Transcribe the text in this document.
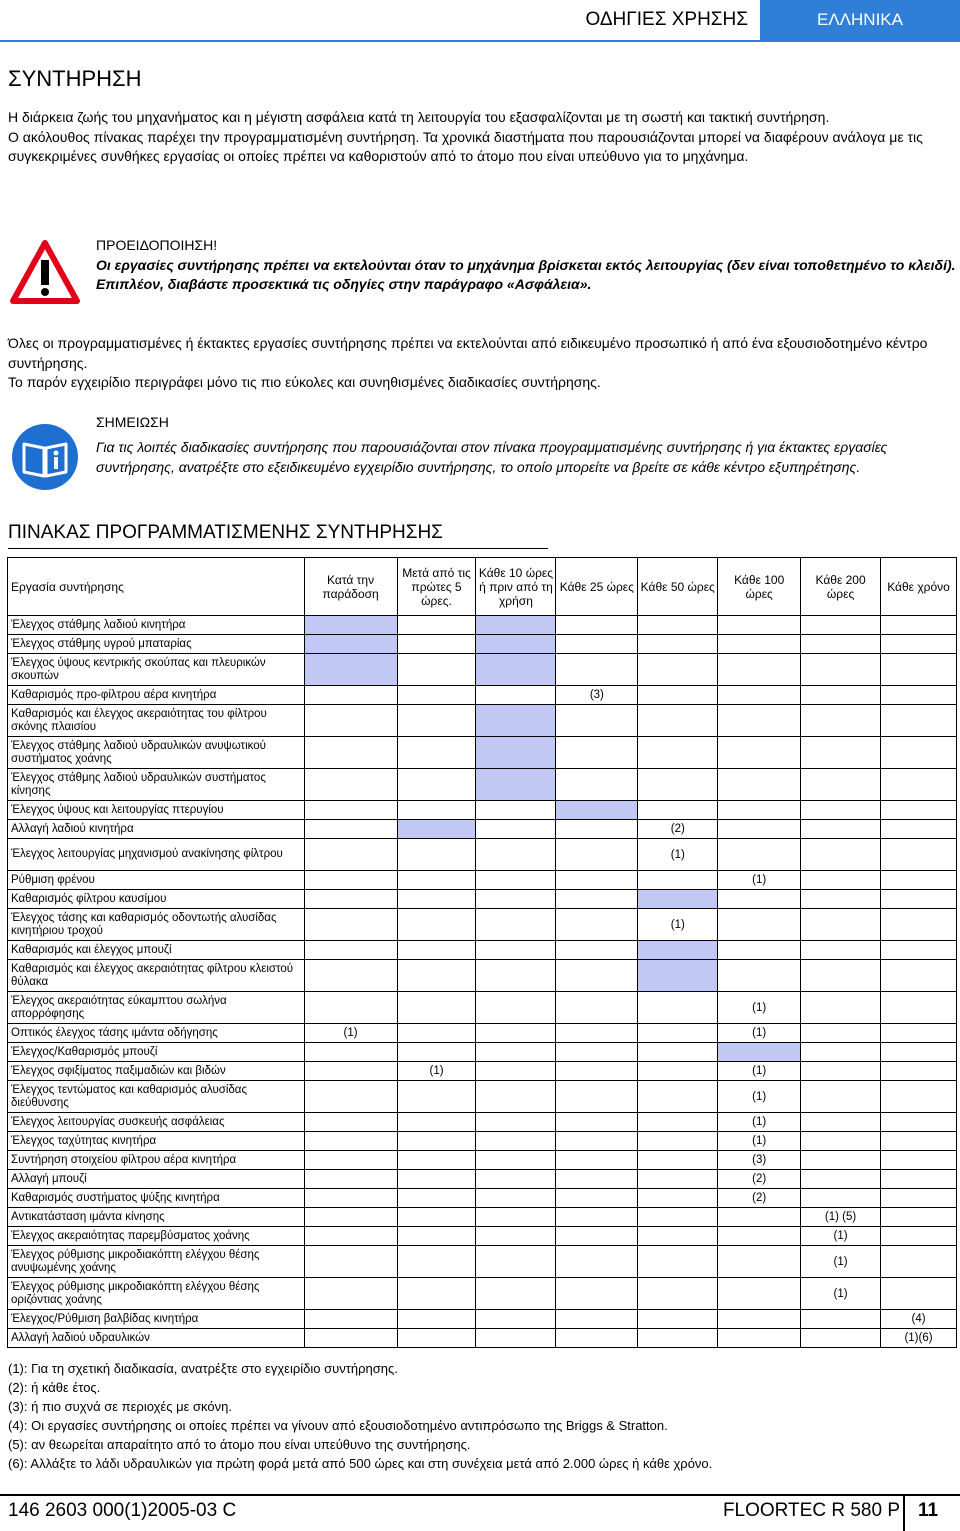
ΟΔΗΓΙΕΣ ΧΡΗΣΗΣ	ΕΛΛΗΝΙΚΑ
ΣΥΝΤΗΡΗΣΗ
Η διάρκεια ζωής του μηχανήματος και η μέγιστη ασφάλεια κατά τη λειτουργία του εξασφαλίζονται με τη σωστή και τακτική συντήρηση.
Ο ακόλουθος πίνακας παρέχει την προγραμματισμένη συντήρηση. Τα χρονικά διαστήματα που παρουσιάζονται μπορεί να διαφέρουν ανάλογα με τις συγκεκριμένες συνθήκες εργασίας οι οποίες πρέπει να καθοριστούν από το άτομο που είναι υπεύθυνο για το μηχάνημα.
ΠΡΟΕΙΔΟΠΟΙΗΣΗ!
Οι εργασίες συντήρησης πρέπει να εκτελούνται όταν το μηχάνημα βρίσκεται εκτός λειτουργίας (δεν είναι τοποθετημένο το κλειδί).
Επιπλέον, διαβάστε προσεκτικά τις οδηγίες στην παράγραφο «Ασφάλεια».
Όλες οι προγραμματισμένες ή έκτακτες εργασίες συντήρησης πρέπει να εκτελούνται από ειδικευμένο προσωπικό ή από ένα εξουσιοδοτημένο κέντρο συντήρησης.
Το παρόν εγχειρίδιο περιγράφει μόνο τις πιο εύκολες και συνηθισμένες διαδικασίες συντήρησης.
ΣΗΜΕΙΩΣΗ
Για τις λοιπές διαδικασίες συντήρησης που παρουσιάζονται στον πίνακα προγραμματισμένης συντήρησης ή για έκτακτες εργασίες συντήρησης, ανατρέξτε στο εξειδικευμένο εγχειρίδιο συντήρησης, το οποίο μπορείτε να βρείτε σε κάθε κέντρο εξυπηρέτησης.
ΠΙΝΑΚΑΣ ΠΡΟΓΡΑΜΜΑΤΙΣΜΕΝΗΣ ΣΥΝΤΗΡΗΣΗΣ
Εργασία συντήρησης	Κατά την παράδοση	Μετά από τις πρώτες 5 ώρες.	Κάθε 10 ώρες ή πριν από τη χρήση	Κάθε 25 ώρες	Κάθε 50 ώρες	Κάθε 100 ώρες	Κάθε 200 ώρες	Κάθε χρόνο
Έλεγχος στάθμης λαδιού κινητήρα								
Έλεγχος στάθμης υγρού μπαταρίας								
Έλεγχος ύψους κεντρικής σκούπας και πλευρικών σκουπών								
Καθαρισμός προ-φίλτρου αέρα κινητήρα				(3)				
Καθαρισμός και έλεγχος ακεραιότητας του φίλτρου σκόνης πλαισίου								
Έλεγχος στάθμης λαδιού υδραυλικών ανυψωτικού συστήματος χοάνης								
Έλεγχος στάθμης λαδιού υδραυλικών συστήματος κίνησης								
Έλεγχος ύψους και λειτουργίας πτερυγίου								
Αλλαγή λαδιού κινητήρα					(2)			
Έλεγχος λειτουργίας μηχανισμού ανακίνησης φίλτρου					(1)			
Ρύθμιση φρένου						(1)		
Καθαρισμός φίλτρου καυσίμου								
Έλεγχος τάσης και καθαρισμός οδοντωτής αλυσίδας κινητήριου τροχού					(1)			
Καθαρισμός και έλεγχος μπουζί								
Καθαρισμός και έλεγχος ακεραιότητας φίλτρου κλειστού θύλακα								
Έλεγχος ακεραιότητας εύκαμπτου σωλήνα απορρόφησης						(1)		
Οπτικός έλεγχος τάσης ιμάντα οδήγησης	(1)					(1)		
Έλεγχος/Καθαρισμός μπουζί								
Έλεγχος σφιξίματος παξιμαδιών και βιδών		(1)				(1)		
Έλεγχος τεντώματος και καθαρισμός αλυσίδας διεύθυνσης						(1)		
Έλεγχος λειτουργίας συσκευής ασφάλειας						(1)		
Έλεγχος ταχύτητας κινητήρα						(1)		
Συντήρηση στοιχείου φίλτρου αέρα κινητήρα						(3)		
Αλλαγή μπουζί						(2)		
Καθαρισμός συστήματος ψύξης κινητήρα						(2)		
Αντικατάσταση ιμάντα κίνησης							(1) (5)	
Έλεγχος ακεραιότητας παρεμβύσματος χοάνης							(1)	
Έλεγχος ρύθμισης μικροδιακόπτη ελέγχου θέσης ανυψωμένης χοάνης							(1)	
Έλεγχος ρύθμισης μικροδιακόπτη ελέγχου θέσης οριζόντιας χοάνης							(1)	
Έλεγχος/Ρύθμιση βαλβίδας κινητήρα								(4)
Αλλαγή λαδιού υδραυλικών								(1)(6)
(1): Για τη σχετική διαδικασία, ανατρέξτε στο εγχειρίδιο συντήρησης.
(2): ή κάθε έτος.
(3): ή πιο συχνά σε περιοχές με σκόνη.
(4): Οι εργασίες συντήρησης οι οποίες πρέπει να γίνουν από εξουσιοδοτημένο αντιπρόσωπο της Briggs & Stratton.
(5): αν θεωρείται απαραίτητο από το άτομο που είναι υπεύθυνο της συντήρησης.
(6): Αλλάξτε το λάδι υδραυλικών για πρώτη φορά μετά από 500 ώρες και στη συνέχεια μετά από 2.000 ώρες ή κάθε χρόνο.
146 2603 000(1)2005-03 C	FLOORTEC R 580 P 11
